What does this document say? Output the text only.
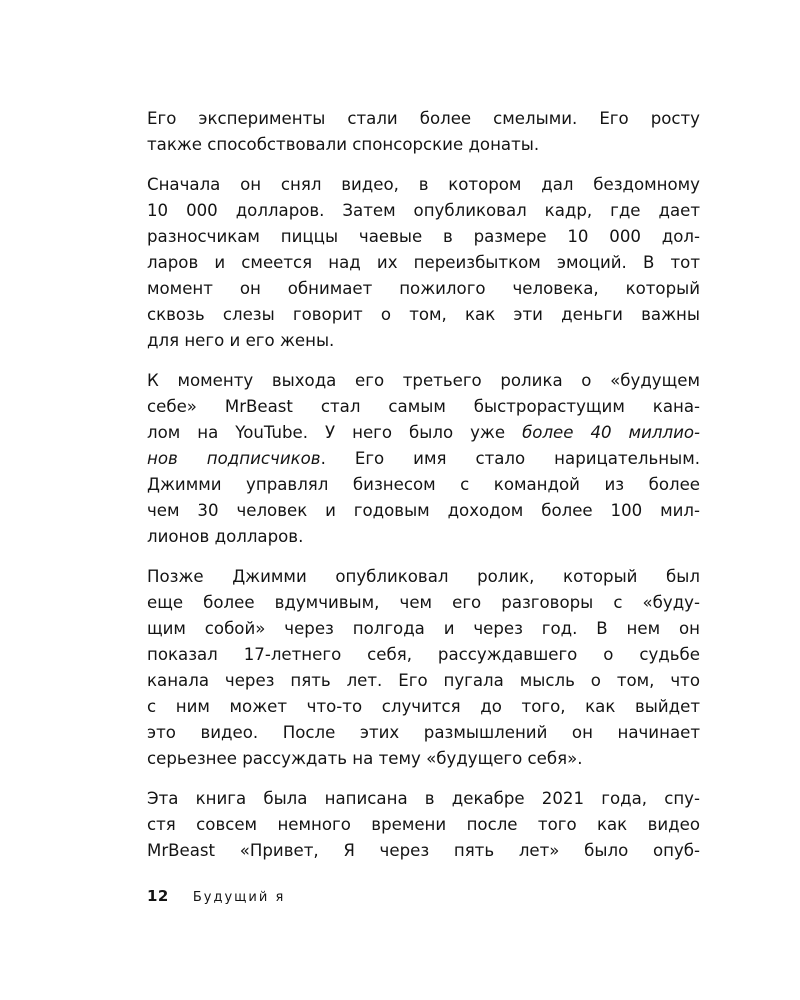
Его эксперименты стали более смелыми. Его росту
также способствовали спонсорские донаты.
Сначала он снял видео, в котором дал бездомному
10 000 долларов. Затем опубликовал кадр, где дает
разносчикам пиццы чаевые в размере 10 000 дол-
ларов и смеется над их переизбытком эмоций. В тот
момент он обнимает пожилого человека, который
сквозь слезы говорит о том, как эти деньги важны
для него и его жены.
К моменту выхода его третьего ролика о «будущем
себе» MrBeast стал самым быстрорастущим кана-
лом на YouTube. У него было уже более 40 миллио-
нов подписчиков. Его имя стало нарицательным.
Джимми управлял бизнесом с командой из более
чем 30 человек и годовым доходом более 100 мил-
лионов долларов.
Позже Джимми опубликовал ролик, который был
еще более вдумчивым, чем его разговоры с «буду-
щим собой» через полгода и через год. В нем он
показал 17-летнего себя, рассуждавшего о судьбе
канала через пять лет. Его пугала мысль о том, что
с ним может что-то случится до того, как выйдет
это видео. После этих размышлений он начинает
серьезнее рассуждать на тему «будущего себя».
Эта книга была написана в декабре 2021 года, спу-
стя совсем немного времени после того как видео
MrBeast «Привет, Я через пять лет» было опуб-
12 Будущий я
